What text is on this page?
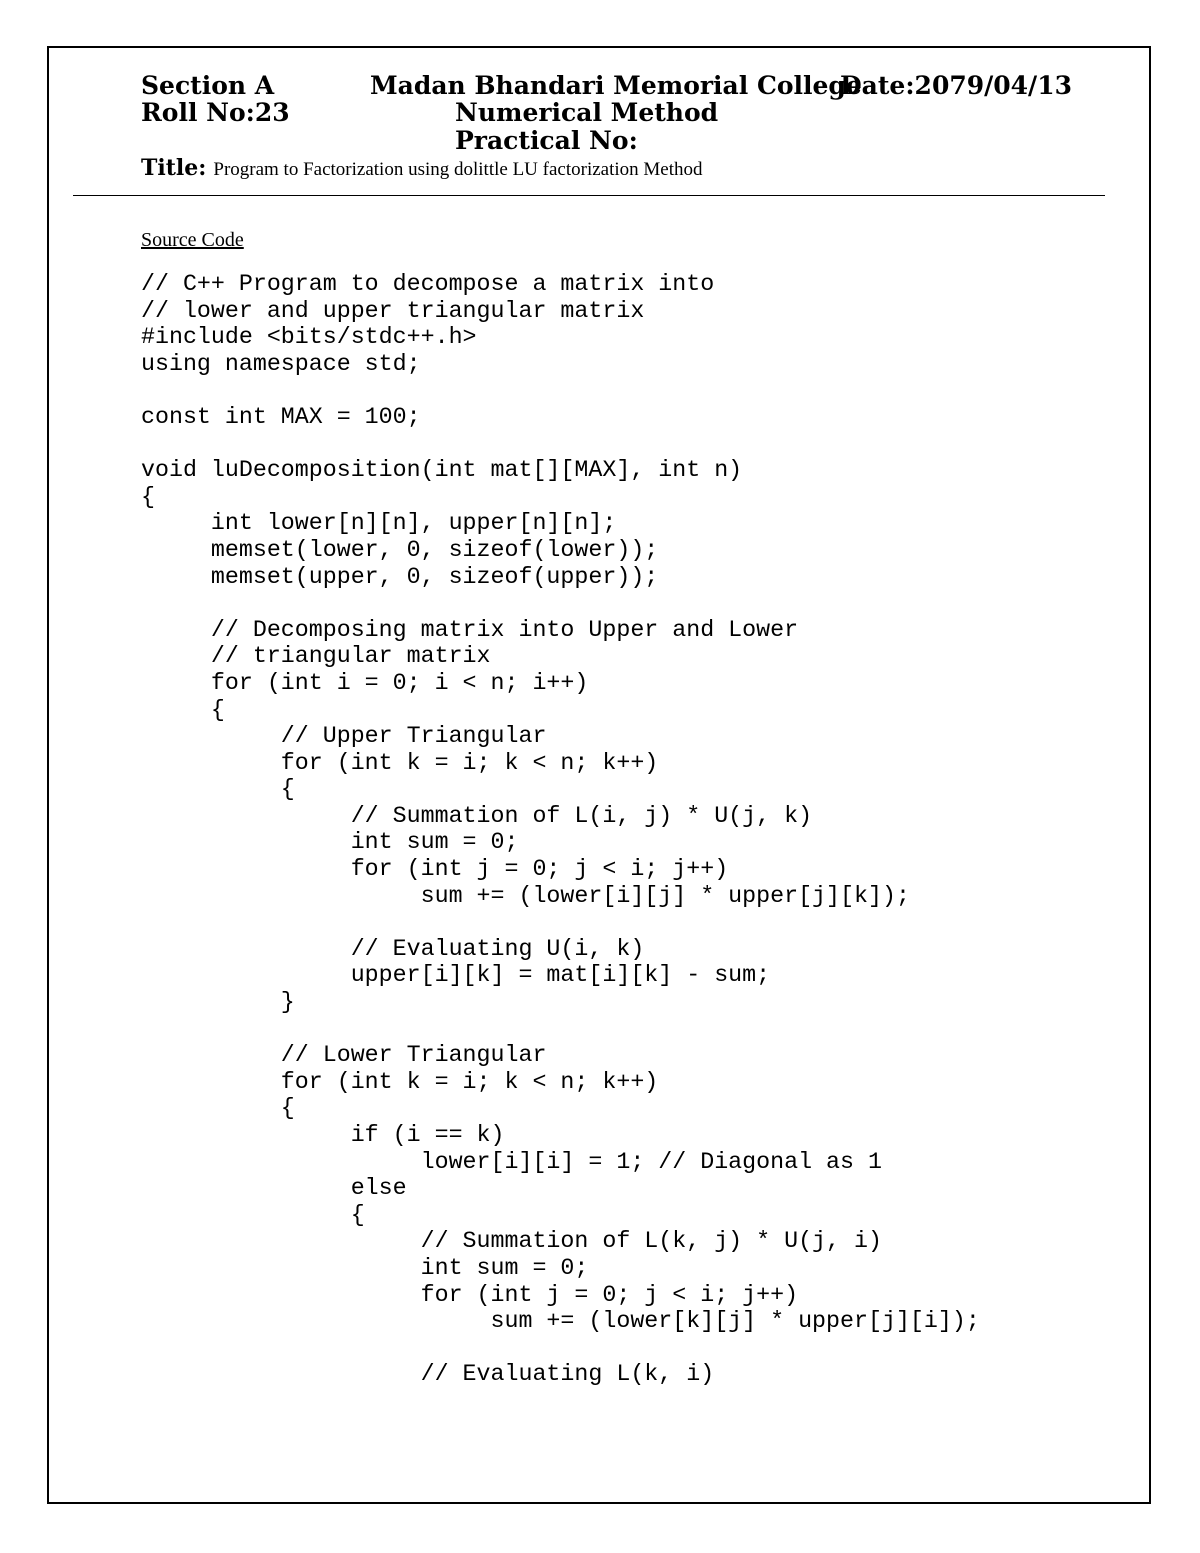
Section A	Madan Bhandari Memorial College
Date:2079/04/13
Roll No:23	Numerical Method
Practical No:
Title: Program to Factorization using dolittle LU factorization Method
Source Code
// C++ Program to decompose a matrix into
// lower and upper triangular matrix
#include <bits/stdc++.h>
using namespace std;
const int MAX = 100;
void luDecomposition(int mat[][MAX], int n)
{
int lower[n][n], upper[n][n];
memset(lower, 0, sizeof(lower));
memset(upper, 0, sizeof(upper));
// Decomposing matrix into Upper and Lower
// triangular matrix
for (int i = 0; i < n; i++)
{
// Upper Triangular
for (int k = i; k < n; k++)
{
// Summation of L(i, j) * U(j, k)
int sum = 0;
for (int j = 0; j < i; j++)
sum += (lower[i][j] * upper[j][k]);
// Evaluating U(i, k)
upper[i][k] = mat[i][k] - sum;
}
// Lower Triangular
for (int k = i; k < n; k++)
{
if (i == k)
lower[i][i] = 1; // Diagonal as 1
else
{
// Summation of L(k, j) * U(j, i)
int sum = 0;
for (int j = 0; j < i; j++)
sum += (lower[k][j] * upper[j][i]);
// Evaluating L(k, i)
